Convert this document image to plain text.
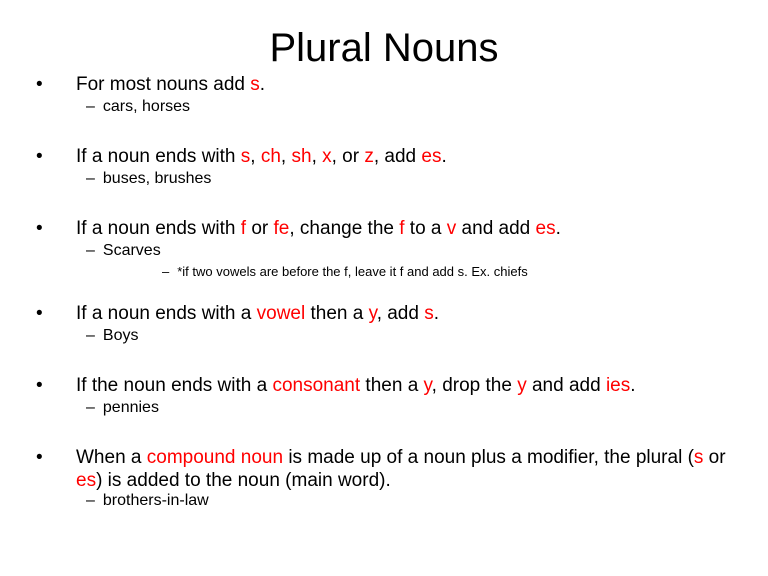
Plural Nouns
•	For most nouns add s.
– cars, horses
•	If a noun ends with s, ch, sh, x, or z, add es.
– buses, brushes
•	If a noun ends with f or fe, change the f to a v and add es.
– Scarves
– *if two vowels are before the f, leave it f and add s. Ex. chiefs
•	If a noun ends with a vowel then a y, add s.
– Boys
•	If the noun ends with a consonant then a y, drop the y and add ies.
– pennies
•	When a compound noun is made up of a noun plus a modifier, the plural (s or es) is added to the noun (main word).
– brothers-in-law
